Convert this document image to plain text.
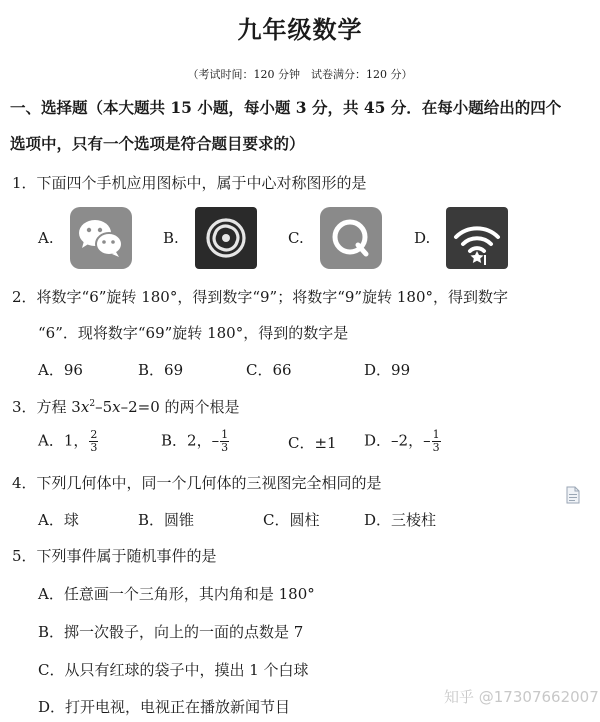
九年级数学
（考试时间：120 分钟　试卷满分：120 分）
一、选择题（本大题共 15 小题，每小题 3 分，共 45 分．在每小题给出的四个
选项中，只有一个选项是符合题目要求的）
1．下面四个手机应用图标中，属于中心对称图形的是
A.	B.	C.	D.
2．将数字“6”旋转 180°，得到数字“9”；将数字“9”旋转 180°，得到数字
“6”．现将数字“69”旋转 180°，得到的数字是
A．96	B．69	C．66	D．99
3．方程 $3x^2-5x-2=0$ 的两个根是
A．1， $\frac{2}{3}$	B．2，– $\frac{1}{3}$	C．±1 D．–2，– $\frac{1}{3}$
4．下列几何体中，同一个几何体的三视图完全相同的是
A．球	B．圆锥	C．圆柱	D．三棱柱
5．下列事件属于随机事件的是
A．任意画一个三角形，其内角和是 180°
B．掷一次骰子，向上的一面的点数是 7
C．从只有红球的袋子中，摸出 1 个白球
D．打开电视，电视正在播放新闻节目
知乎 @17307662007
